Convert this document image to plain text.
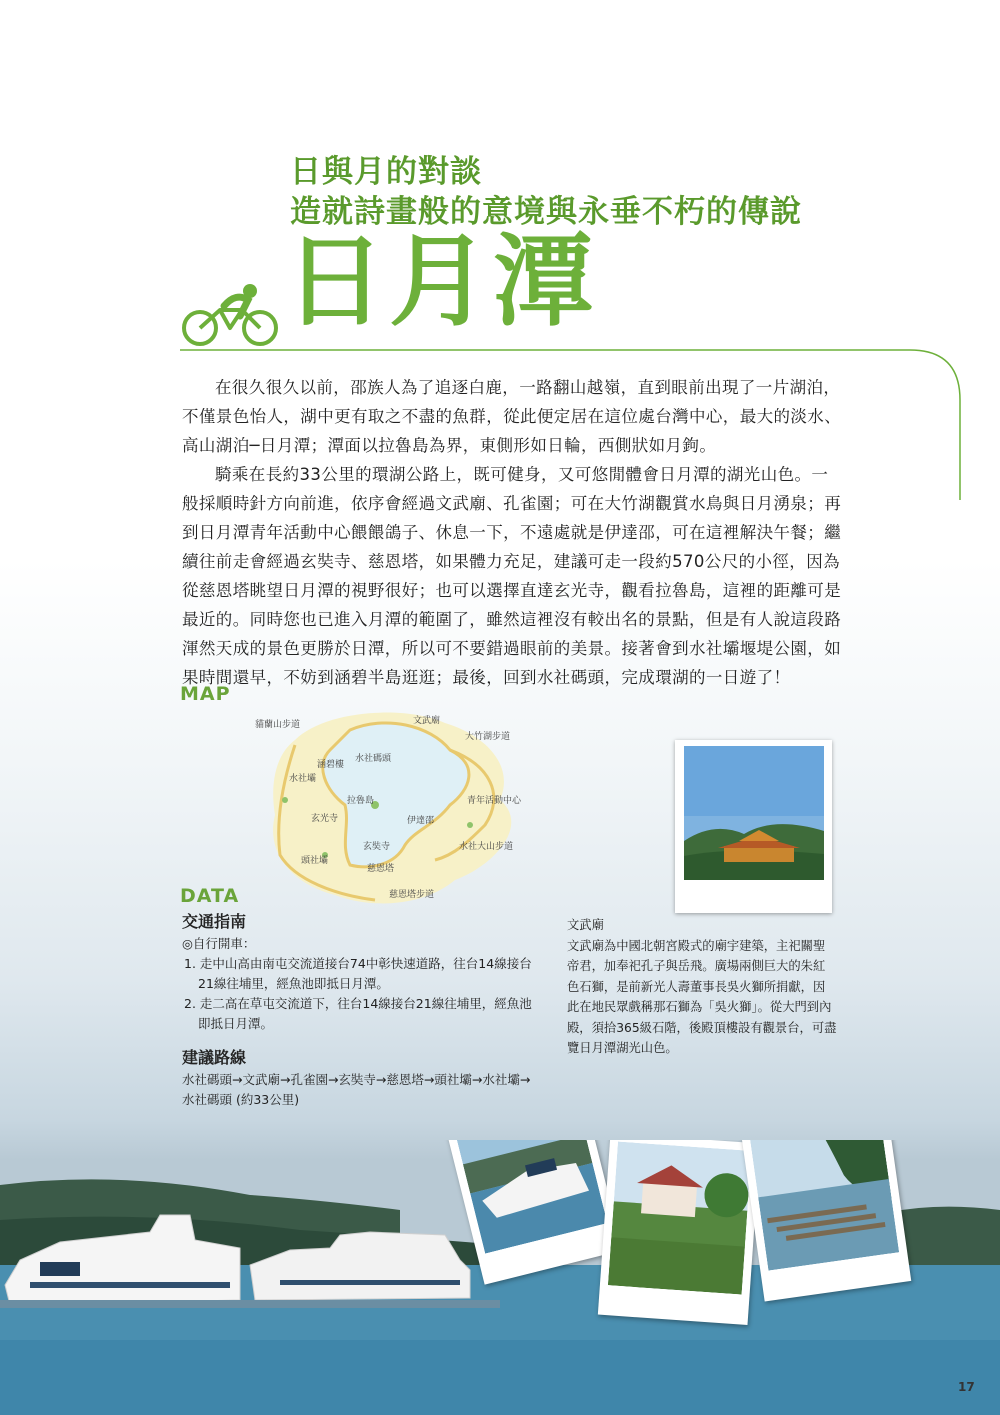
日與月的對談
造就詩畫般的意境與永垂不朽的傳說
日月潭

在很久很久以前，邵族人為了追逐白鹿，一路翻山越嶺，直到眼前出現了一片湖泊，不僅景色怡人，湖中更有取之不盡的魚群，從此便定居在這位處台灣中心，最大的淡水、高山湖泊─日月潭；潭面以拉魯島為界，東側形如日輪，西側狀如月鉤。

騎乘在長約33公里的環湖公路上，既可健身，又可悠閒體會日月潭的湖光山色。一般採順時針方向前進，依序會經過文武廟、孔雀園；可在大竹湖觀賞水鳥與日月湧泉；再到日月潭青年活動中心餵餵鴿子、休息一下，不遠處就是伊達邵，可在這裡解決午餐；繼續往前走會經過玄奘寺、慈恩塔，如果體力充足，建議可走一段約570公尺的小徑，因為從慈恩塔眺望日月潭的視野很好；也可以選擇直達玄光寺，觀看拉魯島，這裡的距離可是最近的。同時您也已進入月潭的範圍了，雖然這裡沒有較出名的景點，但是有人說這段路渾然天成的景色更勝於日潭，所以可不要錯過眼前的美景。接著會到水社壩堰堤公園，如果時間還早，不妨到涵碧半島逛逛；最後，回到水社碼頭，完成環湖的一日遊了！

MAP
貓蘭山步道	文武廟
大竹湖步道
涵碧樓
水社碼頭
水社壩
拉魯島	青年活動中心
玄光寺	伊達邵
玄奘寺	水社大山步道
頭社壩
慈恩塔
慈恩塔步道
DATA
交通指南
◎自行開車：
1. 走中山高由南屯交流道接台74中彰快速道路，往台14線接台21線往埔里，經魚池即抵日月潭。
2. 走二高在草屯交流道下，往台14線接台21線往埔里，經魚池即抵日月潭。
建議路線
水社碼頭→文武廟→孔雀園→玄奘寺→慈恩塔→頭社壩→水社壩→水社碼頭 (約33公里)
文武廟
文武廟為中國北朝宮殿式的廟宇建築，主祀關聖帝君，加奉祀孔子與岳飛。廣場兩側巨大的朱紅色石獅，是前新光人壽董事長吳火獅所捐獻，因此在地民眾戲稱那石獅為「吳火獅」。從大門到內殿，須拾365級石階，後殿頂樓設有觀景台，可盡覽日月潭湖光山色。
17
